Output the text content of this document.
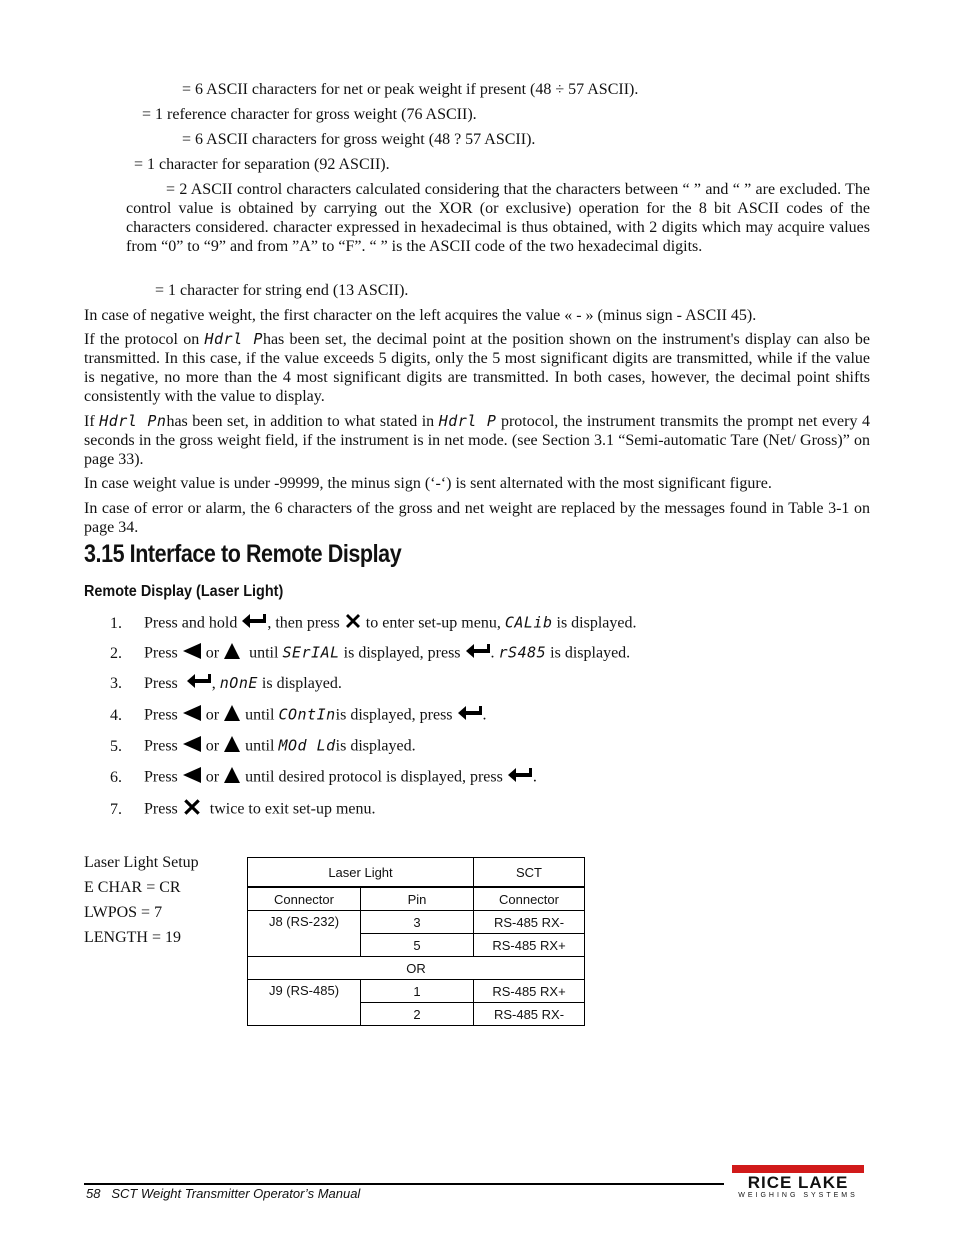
= 6 ASCII characters for net or peak weight if present (48 ÷ 57 ASCII).
= 1 reference character for gross weight (76 ASCII).
= 6 ASCII characters for gross weight (48 ? 57 ASCII).
= 1 character for separation (92 ASCII).
= 2 ASCII control characters calculated considering that the characters between “ ” and “ ” are excluded. The control value is obtained by carrying out the XOR (or exclusive) operation for the 8 bit ASCII codes of the characters considered. character expressed in hexadecimal is thus obtained, with 2 digits which may acquire values from “0” to “9” and from ”A” to “F”. “ ” is the ASCII code of the two hexadecimal digits.
= 1 character for string end (13 ASCII).
In case of negative weight, the first character on the left acquires the value « - » (minus sign - ASCII 45).
If the protocol on Hdrl Phas been set, the decimal point at the position shown on the instrument's display can also be transmitted. In this case, if the value exceeds 5 digits, only the 5 most significant digits are transmitted, while if the value is negative, no more than the 4 most significant digits are transmitted. In both cases, however, the decimal point shifts consistently with the value to display.
If Hdrl Pnhas been set, in addition to what stated in Hdrl P protocol, the instrument transmits the prompt net every 4 seconds in the gross weight field, if the instrument is in net mode. (see Section 3.1 “Semi-automatic Tare (Net/ Gross)” on page 33).
In case weight value is under -99999, the minus sign (‘-‘) is sent alternated with the most significant figure.
In case of error or alarm, the 6 characters of the gross and net weight are replaced by the messages found in Table 3-1 on page 34.
3.15 Interface to Remote Display
Remote Display (Laser Light)
1. Press and hold , then press to enter set-up menu, CALib is displayed.
2. Press or until SErIAL is displayed, press . rS485 is displayed.
3. Press , nOnE is displayed.
4. Press or until COntInis displayed, press .
5. Press or until MOd Ldis displayed.
6. Press or until desired protocol is displayed, press .
7. Press twice to exit set-up menu.
Laser Light Setup
E CHAR = CR
LWPOS = 7
LENGTH = 19
Laser Light		SCT
Connector	Pin	Connector
J8 (RS-232)	3	RS-485 RX-
	5	RS-485 RX+
OR		
J9 (RS-485)	1	RS-485 RX+
	2	RS-485 RX-
58 SCT Weight Transmitter Operator’s Manual
RICE LAKE
WEIGHING SYSTEMS
